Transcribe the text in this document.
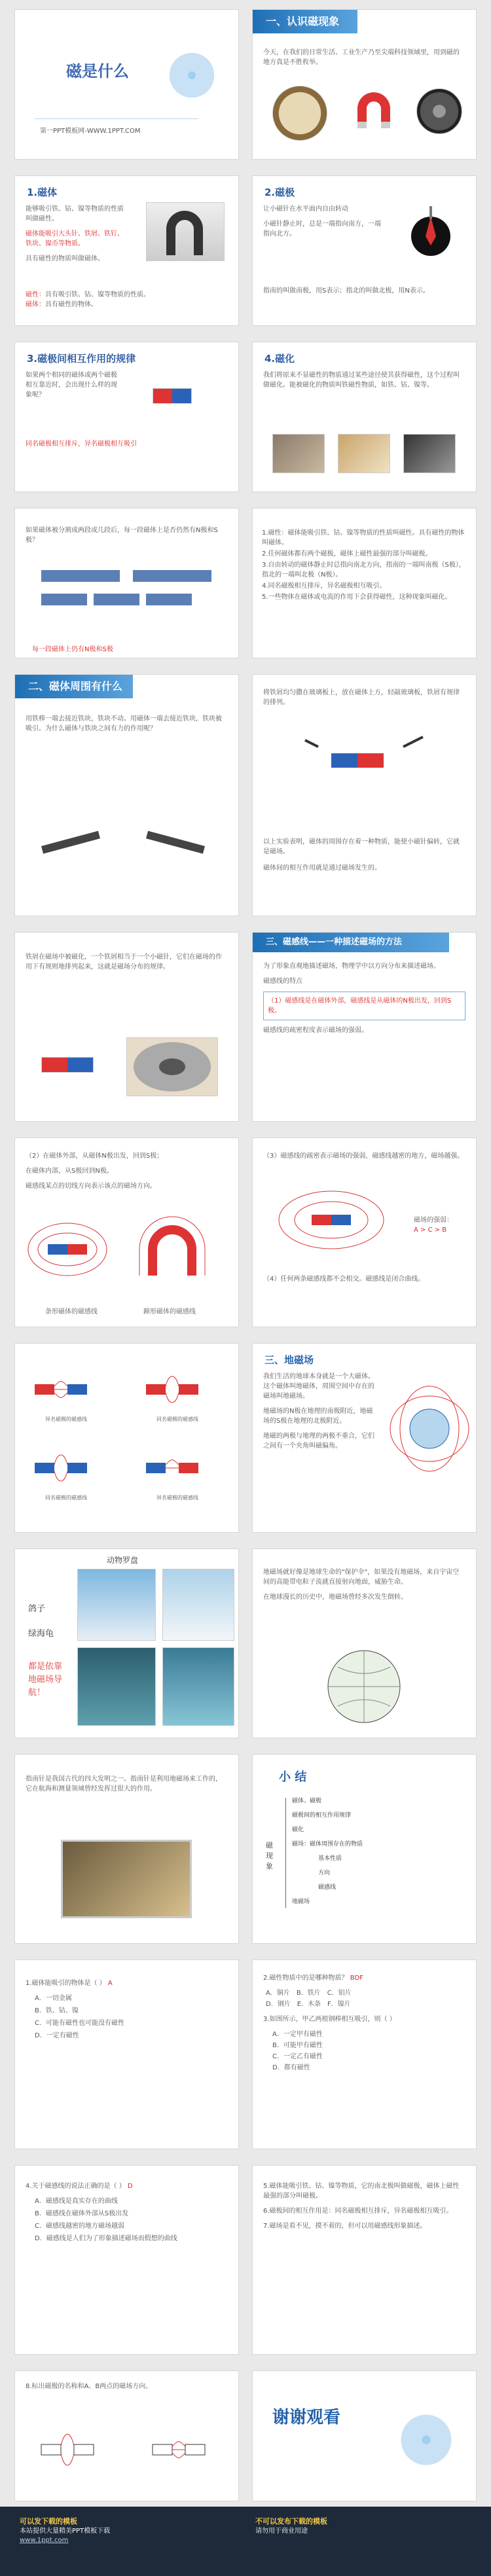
磁是什么
第一PPT模板网-WWW.1PPT.COM
一、认识磁现象
今天，在我们的日常生活、工业生产乃至尖端科技领域里，用到磁的地方真是不胜枚举。
1.磁体
能够吸引铁、钴、镍等物质的性质叫做磁性。
磁体能吸引大头针、铁屑、铁钉、铁块、镍币等物质。
具有磁性的物质叫做磁体。
磁性：具有吸引铁、钴、镍等物质的性质。
磁体：具有磁性的物体。
2.磁极
让小磁针在水平面内自由转动
小磁针静止时，总是一端指向南方，一端指向北方。
指南的叫做南极，用S表示；指北的叫做北极，用N表示。
3.磁极间相互作用的规律
如果两个相同的磁体或两个磁极相互靠近时，会出现什么样的现象呢？
同名磁极相互排斥，异名磁极相互吸引
4.磁化
我们将原来不显磁性的物质通过某些途径使其获得磁性，这个过程叫做磁化。能被磁化的物质叫铁磁性物质，如铁、钴、镍等。
如果磁体被分割成两段或几段后，每一段磁体上是否仍然有N极和S极？
每一段磁体上仍有N极和S极
1.磁性：磁体能吸引铁、钴、镍等物质的性质叫磁性。具有磁性的物体叫磁体。
2.任何磁体都有两个磁极，磁体上磁性最强的部分叫磁极。
3.自由转动的磁体静止时总指向南北方向，指南的一端叫南极（S极），指北的一端叫北极（N极）。
4.同名磁极相互排斥，异名磁极相互吸引。
5.一些物体在磁体或电流的作用下会获得磁性，这种现象叫磁化。
二、磁体周围有什么
用铁棒一端去接近铁块，铁块不动。用磁体一端去接近铁块，铁块被吸引。为什么磁体与铁块之间有力的作用呢？
将铁屑均匀撒在玻璃板上，放在磁体上方，轻敲玻璃板，铁屑有规律的排列。
以上实验表明，磁体的周围存在着一种物质，能使小磁针偏转，它就是磁场。
磁体间的相互作用就是通过磁场发生的。
铁屑在磁场中被磁化，一个铁屑相当于一个小磁针，它们在磁场的作用下有规则地排列起来，这就是磁场分布的规律。
三、磁感线——一种描述磁场的方法
为了形象直观地描述磁场，物理学中以方向分布来描述磁场。
磁感线的特点
（1）磁感线是在磁体外部，磁感线是从磁体的N极出发，回到S极。
磁感线的疏密程度表示磁场的强弱。
（2）在磁体外部，从磁体N极出发，回到S极；
在磁体内部，从S极回到N极。
磁感线某点的切线方向表示该点的磁场方向。
条形磁体的磁感线	蹄形磁体的磁感线
（3）磁感线的疏密表示磁场的强弱，磁感线越密的地方，磁场越强。
磁场的强弱：
A > C > B
（4）任何两条磁感线都不会相交。磁感线是闭合曲线。
异名磁极的磁感线	同名磁极的磁感线
同名磁极的磁感线	异名磁极的磁感线
三、地磁场
我们生活的地球本身就是一个大磁体。这个磁体叫地磁体，周围空间中存在的磁场叫地磁场。
地磁场的N极在地理的南极附近，地磁场的S极在地理的北极附近。
地磁的两极与地理的两极不重合，它们之间有一个夹角叫磁偏角。
动物罗盘
鸽子
绿海龟
都是依靠地磁场导航！
地磁场就好像是地球生命的"保护伞"，如果没有地磁场，来自宇宙空间的高能带电粒子流就直接射向地面，威胁生命。
在地球漫长的历史中，地磁场曾经多次发生倒转。
指南针是我国古代的四大发明之一。指南针是利用地磁场来工作的，它在航海和测量领域曾经发挥过很大的作用。
小 结
磁现象
磁体、磁极
磁极间的相互作用规律
磁化
磁场：磁体周围存在的物质
基本性质
方向
磁感线
地磁场
1.磁体能吸引的物体是（ ） A
A．一切金属
B．铁、钴、镍
C．可能有磁性也可能没有磁性
D．一定有磁性
2.磁性物质中的是哪种物质？ BDF
A．铜片　 B．铁片　 C．铝片
D．钢片　 E．木条　 F．镍片
3.如图所示，甲乙两根钢棒相互吸引，则（ ）
A．一定甲有磁性
B．可能甲有磁性
C．一定乙有磁性
D．都有磁性
4.关于磁感线的说法正确的是（ ） D
A．磁感线是真实存在的曲线
B．磁感线在磁体外部从S极出发
C．磁感线越密的地方磁场越弱
D．磁感线是人们为了形象描述磁场而假想的曲线
5.磁体能吸引铁、钴、镍等物质，它的南北极叫做磁极，磁体上磁性最强的部分叫磁极。
6.磁极间的相互作用是：同名磁极相互排斥，异名磁极相互吸引。
7.磁场是看不见，摸不着的，但可以用磁感线形象描述。
8.标出磁极的名称和A、B两点的磁场方向。
谢谢观看
可以发下载的模板
本站提供大量精美PPT模板下载
www.1ppt.com
不可以发布下载的模板
请勿用于商业用途
